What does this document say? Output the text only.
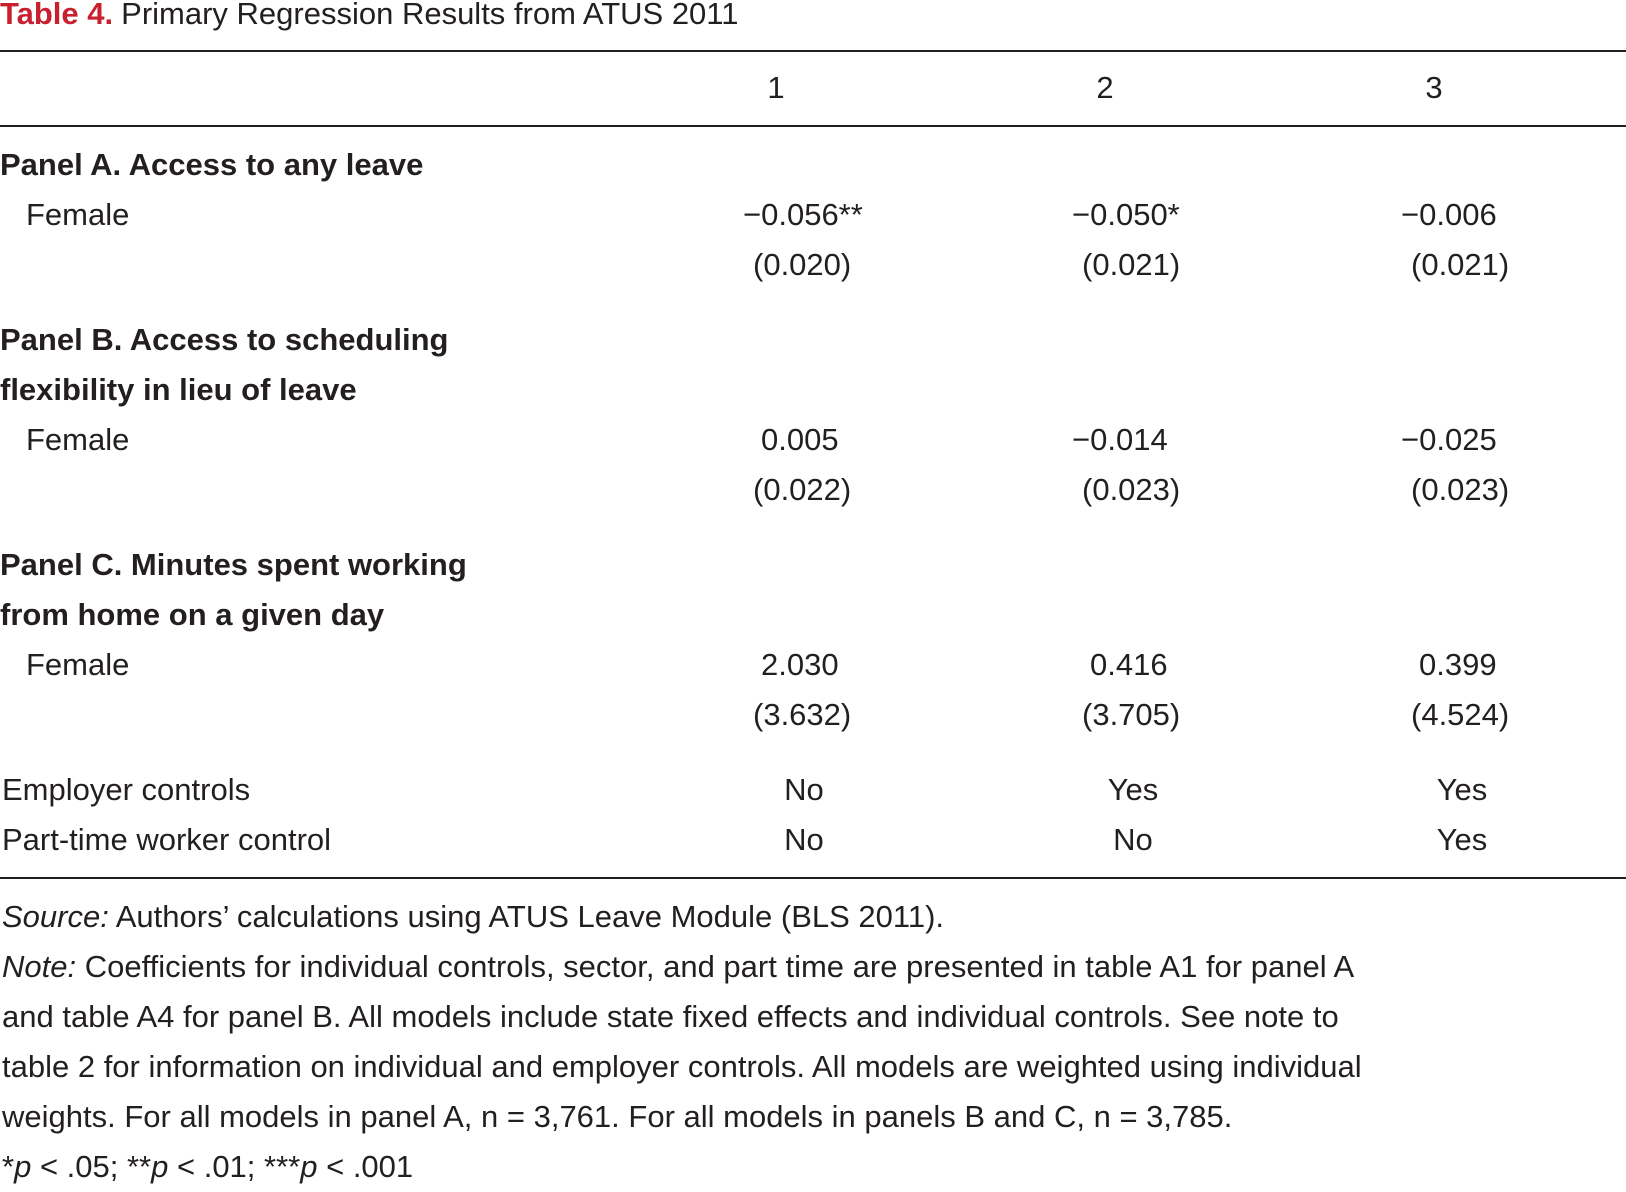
Table 4. Primary Regression Results from ATUS 2011
1	2	3
Panel A. Access to any leave
Female	−0.056**	−0.050*	−0.006
(0.020)	(0.021)	(0.021)
Panel B. Access to scheduling
flexibility in lieu of leave
Female	0.005	−0.014	−0.025
(0.022)	(0.023)	(0.023)
Panel C. Minutes spent working
from home on a given day
Female	2.030	0.416	0.399
(3.632)	(3.705)	(4.524)
Employer controls	No	Yes	Yes
Part-time worker control	No	No	Yes
Source: Authors’ calculations using ATUS Leave Module (BLS 2011).
Note: Coefficients for individual controls, sector, and part time are presented in table A1 for panel A
and table A4 for panel B. All models include state fixed effects and individual controls. See note to
table 2 for information on individual and employer controls. All models are weighted using individual
weights. For all models in panel A, n = 3,761. For all models in panels B and C, n = 3,785.
*p < .05; **p < .01; ***p < .001
